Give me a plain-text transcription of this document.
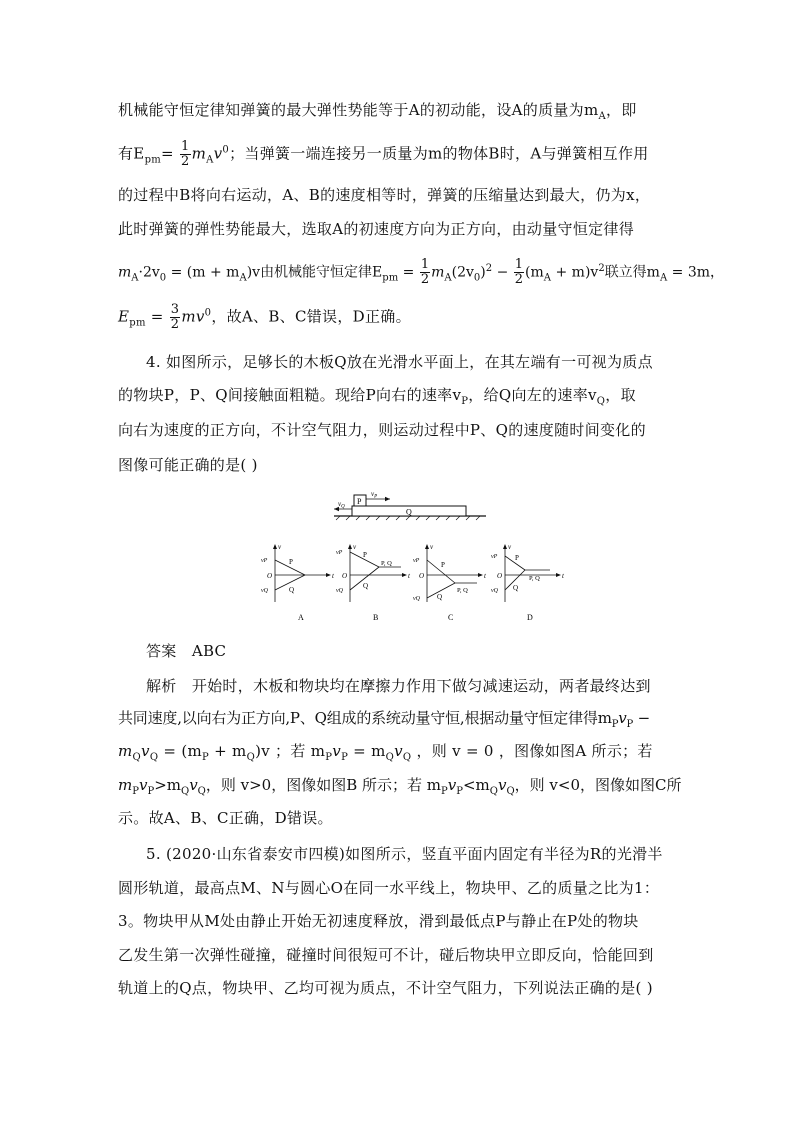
机械能守恒定律知弹簧的最大弹性势能等于A的初动能，设A的质量为$m_A$，即
有$E_{pm}= \frac{1}{2} m_Av^0$；当弹簧一端连接另一质量为m的物体B时，A与弹簧相互作用
的过程中B将向右运动，A、B的速度相等时，弹簧的压缩量达到最大，仍为x，
此时弹簧的弹性势能最大，选取A的初速度方向为正方向，由动量守恒定律得
$m_A\cdot 2v_0 = (m + m_A)v$由机械能守恒定律$E_{pm} = \frac{1}{2} m_A(2v_0)^2 - \frac{1}{2} (m_A + m)v^2$联立得$m_A = 3m$，
$E_{pm} = \frac{3}{2} mv^0$，故A、B、C错误，D正确。
4. 如图所示，足够长的木板Q放在光滑水平面上，在其左端有一可视为质点
的物块P，P、Q间接触面粗糙。现给P向右的速率$v_P$，给Q向左的速率$v_Q$，取
向右为速度的正方向，不计空气阻力，则运动过程中P、Q的速度随时间变化的
图像可能正确的是( )
Q
P
$v_P$
$v_Q$
v
t
O
vP
vQ
P
Q
A
v
t
O
vP
vQ
P, Q
P
Q
B
v
t
O
vP
vQ
P, Q
P
Q
C
v
t
O
vP
vQ
P, Q
P
Q
D
答案 ABC
解析 开始时，木板和物块均在摩擦力作用下做匀减速运动，两者最终达到
共同速度,以向右为正方向,P、Q组成的系统动量守恒,根据动量守恒定律得$m_Pv_P$ −
$m_Qv_Q = (m_P + m_Q)v$ ；若 $m_Pv_P = m_Qv_Q$ ，则 v = 0 ，图像如图A 所示；若
$m_Pv_P>m_Qv_Q$，则 v>0，图像如图B 所示；若 $m_Pv_P<m_Qv_Q$，则 v<0，图像如图C所
示。故A、B、C正确，D错误。
5. (2020·山东省泰安市四模)如图所示，竖直平面内固定有半径为R的光滑半
圆形轨道，最高点M、N与圆心O在同一水平线上，物块甲、乙的质量之比为1：
3。物块甲从M处由静止开始无初速度释放，滑到最低点P与静止在P处的物块
乙发生第一次弹性碰撞，碰撞时间很短可不计，碰后物块甲立即反向，恰能回到
轨道上的Q点，物块甲、乙均可视为质点，不计空气阻力，下列说法正确的是( )
